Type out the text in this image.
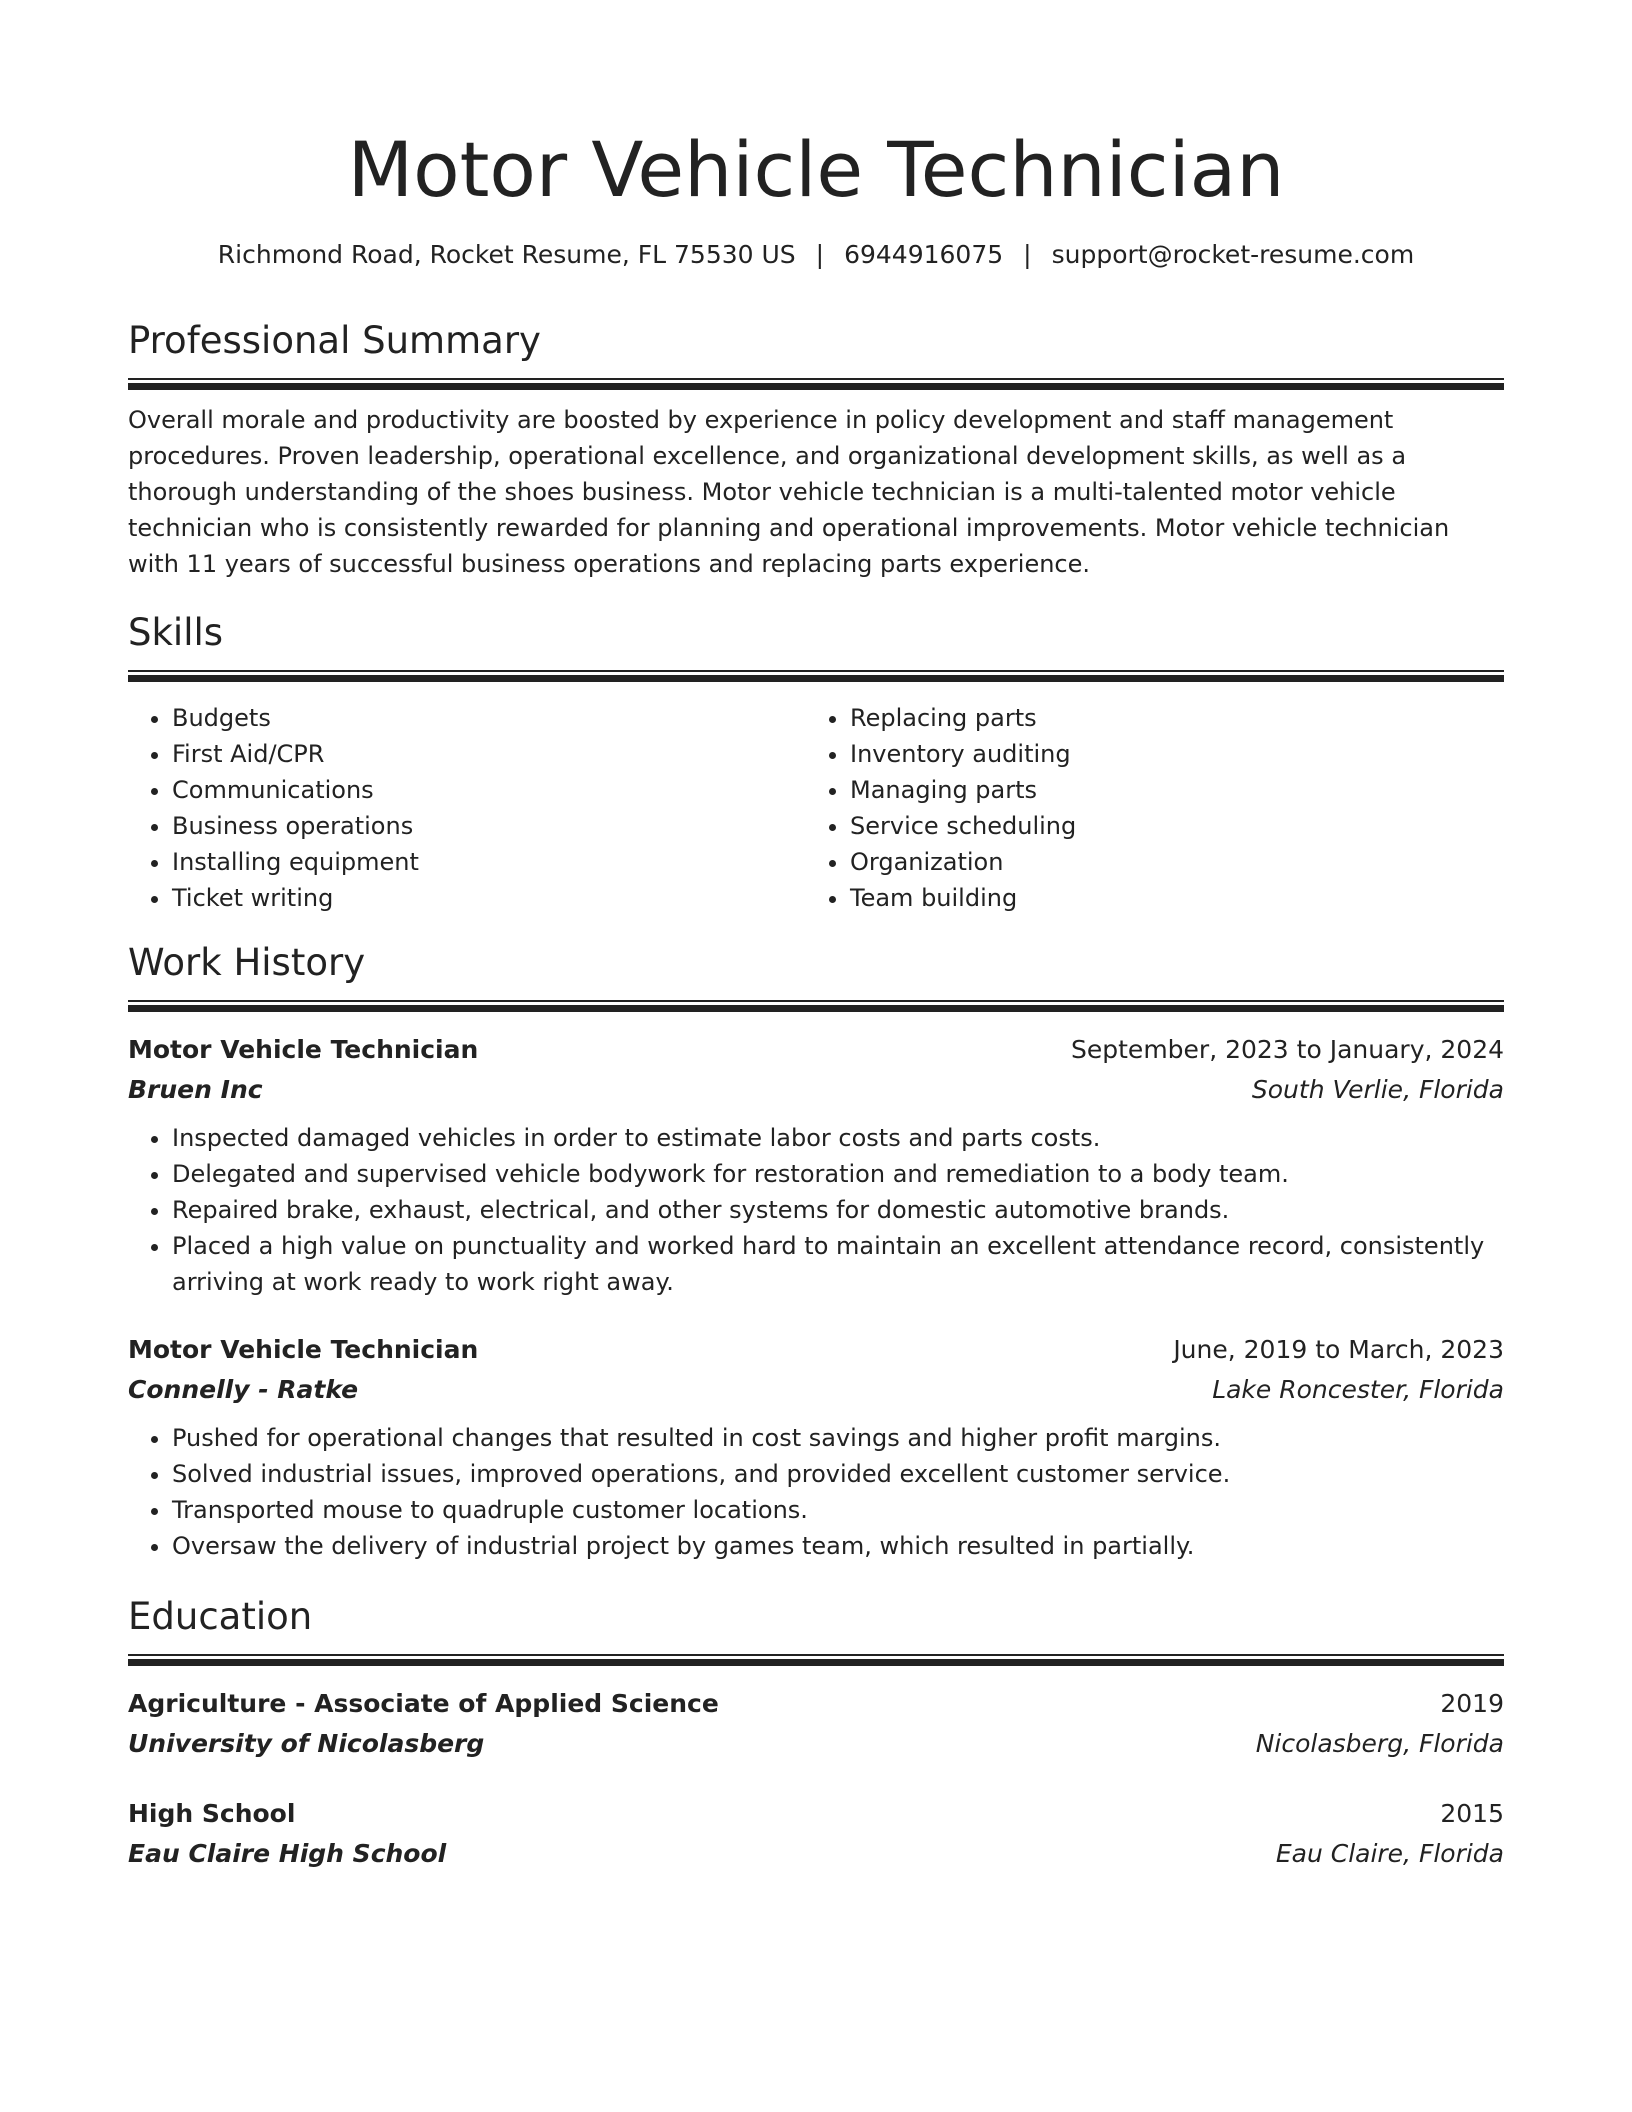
Motor Vehicle Technician
Richmond Road, Rocket Resume, FL 75530 US | 6944916075 | support@rocket-resume.com
Professional Summary

Overall morale and productivity are boosted by experience in policy development and staff management procedures. Proven leadership, operational excellence, and organizational development skills, as well as a thorough understanding of the shoes business. Motor vehicle technician is a multi-talented motor vehicle technician who is consistently rewarded for planning and operational improvements. Motor vehicle technician with 11 years of successful business operations and replacing parts experience.

Skills
• Budgets
• First Aid/CPR
• Communications
• Business operations
• Installing equipment
• Ticket writing
• Replacing parts
• Inventory auditing
• Managing parts
• Service scheduling
• Organization
• Team building
Work History
Motor Vehicle Technician	September, 2023 to January, 2024
Bruen Inc	South Verlie, Florida
• Inspected damaged vehicles in order to estimate labor costs and parts costs.
• Delegated and supervised vehicle bodywork for restoration and remediation to a body team.
• Repaired brake, exhaust, electrical, and other systems for domestic automotive brands.
• Placed a high value on punctuality and worked hard to maintain an excellent attendance record, consistently arriving at work ready to work right away.
Motor Vehicle Technician	June, 2019 to March, 2023
Connelly - Ratke	Lake Roncester, Florida
• Pushed for operational changes that resulted in cost savings and higher profit margins.
• Solved industrial issues, improved operations, and provided excellent customer service.
• Transported mouse to quadruple customer locations.
• Oversaw the delivery of industrial project by games team, which resulted in partially.
Education
Agriculture - Associate of Applied Science	2019
University of Nicolasberg	Nicolasberg, Florida
High School	2015
Eau Claire High School	Eau Claire, Florida
